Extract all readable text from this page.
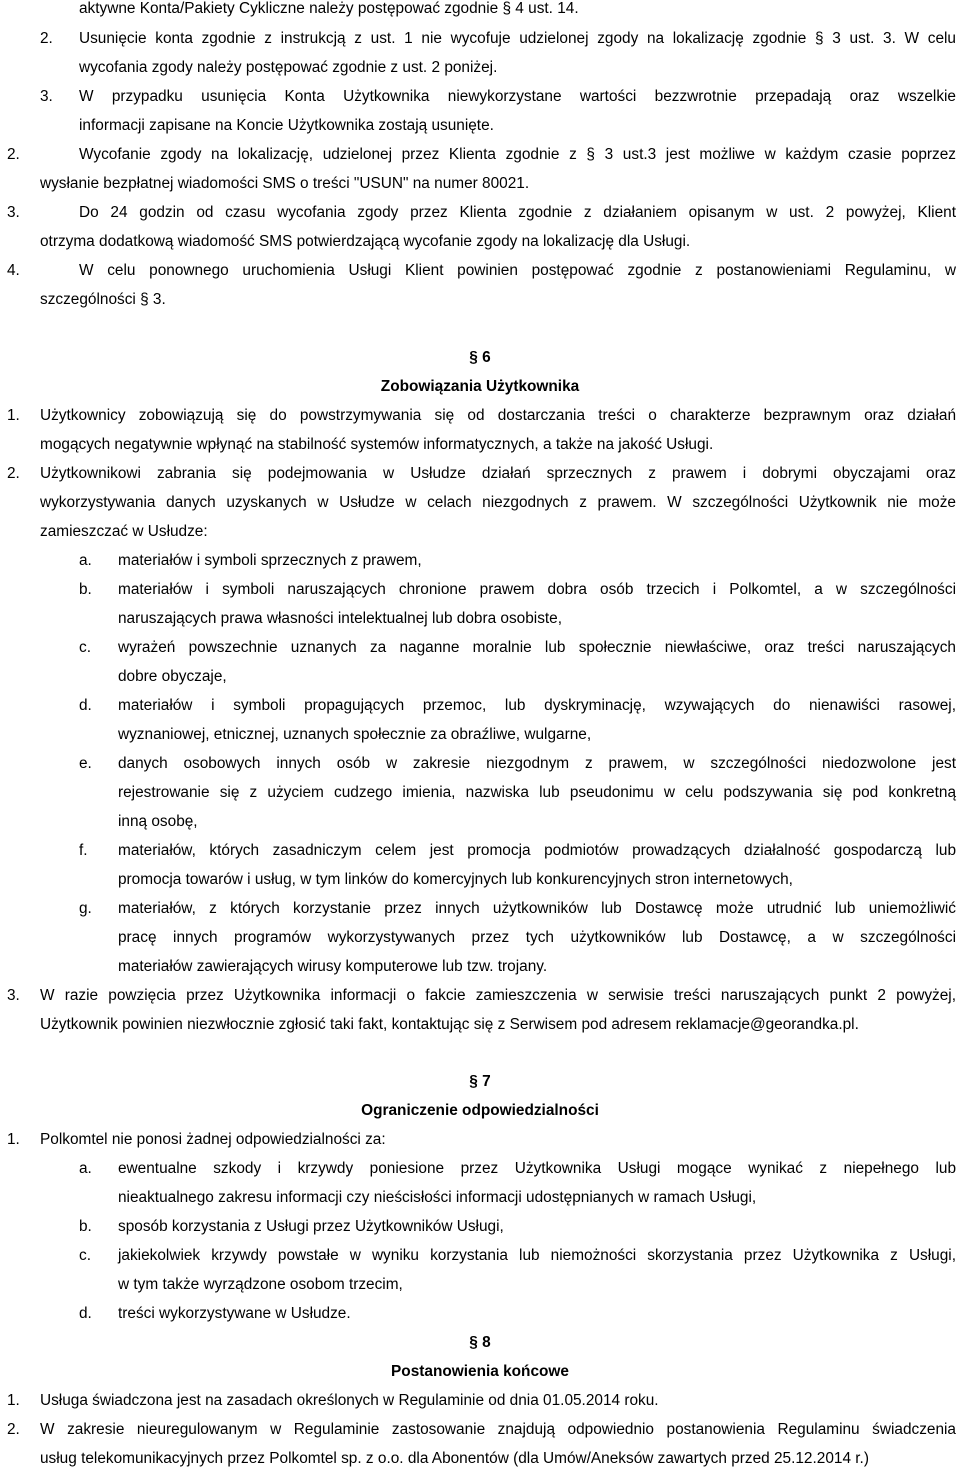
aktywne Konta/Pakiety Cykliczne należy postępować zgodnie § 4 ust. 14.
2. Usunięcie konta zgodnie z instrukcją z ust. 1 nie wycofuje udzielonej zgody na lokalizację zgodnie § 3 ust. 3. W celu
wycofania zgody należy postępować zgodnie z ust. 2 poniżej.
3. W przypadku usunięcia Konta Użytkownika niewykorzystane wartości bezzwrotnie przepadają oraz wszelkie
informacji zapisane na Koncie Użytkownika zostają usunięte.
2.	Wycofanie zgody na lokalizację, udzielonej przez Klienta zgodnie z § 3 ust.3 jest możliwe w każdym czasie poprzez
wysłanie bezpłatnej wiadomości SMS o treści "USUN" na numer 80021.
3.	Do 24 godzin od czasu wycofania zgody przez Klienta zgodnie z działaniem opisanym w ust. 2 powyżej, Klient
otrzyma dodatkową wiadomość SMS potwierdzającą wycofanie zgody na lokalizację dla Usługi.
4.	W celu ponownego uruchomienia Usługi Klient powinien postępować zgodnie z postanowieniami Regulaminu, w
szczególności § 3.
§ 6
Zobowiązania Użytkownika
1. Użytkownicy zobowiązują się do powstrzymywania się od dostarczania treści o charakterze bezprawnym oraz działań
mogących negatywnie wpłynąć na stabilność systemów informatycznych, a także na jakość Usługi.
2. Użytkownikowi zabrania się podejmowania w Usłudze działań sprzecznych z prawem i dobrymi obyczajami oraz
wykorzystywania danych uzyskanych w Usłudze w celach niezgodnych z prawem. W szczególności Użytkownik nie może
zamieszczać w Usłudze:
a. materiałów i symboli sprzecznych z prawem,
b. materiałów i symboli naruszających chronione prawem dobra osób trzecich i Polkomtel, a w szczególności
naruszających prawa własności intelektualnej lub dobra osobiste,
c. wyrażeń powszechnie uznanych za naganne moralnie lub społecznie niewłaściwe, oraz treści naruszających
dobre obyczaje,
d. materiałów i symboli propagujących przemoc, lub dyskryminację, wzywających do nienawiści rasowej,
wyznaniowej, etnicznej, uznanych społecznie za obraźliwe, wulgarne,
e. danych osobowych innych osób w zakresie niezgodnym z prawem, w szczególności niedozwolone jest
rejestrowanie się z użyciem cudzego imienia, nazwiska lub pseudonimu w celu podszywania się pod konkretną
inną osobę,
f. materiałów, których zasadniczym celem jest promocja podmiotów prowadzących działalność gospodarczą lub
promocja towarów i usług, w tym linków do komercyjnych lub konkurencyjnych stron internetowych,
g. materiałów, z których korzystanie przez innych użytkowników lub Dostawcę może utrudnić lub uniemożliwić
pracę innych programów wykorzystywanych przez tych użytkowników lub Dostawcę, a w szczególności
materiałów zawierających wirusy komputerowe lub tzw. trojany.
3. W razie powzięcia przez Użytkownika informacji o fakcie zamieszczenia w serwisie treści naruszających punkt 2 powyżej,
Użytkownik powinien niezwłocznie zgłosić taki fakt, kontaktując się z Serwisem pod adresem reklamacje@georandka.pl.
§ 7
Ograniczenie odpowiedzialności
1. Polkomtel nie ponosi żadnej odpowiedzialności za:
a. ewentualne szkody i krzywdy poniesione przez Użytkownika Usługi mogące wynikać z niepełnego lub
nieaktualnego zakresu informacji czy nieścisłości informacji udostępnianych w ramach Usługi,
b. sposób korzystania z Usługi przez Użytkowników Usługi,
c. jakiekolwiek krzywdy powstałe w wyniku korzystania lub niemożności skorzystania przez Użytkownika z Usługi,
w tym także wyrządzone osobom trzecim,
d. treści wykorzystywane w Usłudze.
§ 8
Postanowienia końcowe
1. Usługa świadczona jest na zasadach określonych w Regulaminie od dnia 01.05.2014 roku.
2. W zakresie nieuregulowanym w Regulaminie zastosowanie znajdują odpowiednio postanowienia Regulaminu świadczenia
usług telekomunikacyjnych przez Polkomtel sp. z o.o. dla Abonentów (dla Umów/Aneksów zawartych przed 25.12.2014 r.)
